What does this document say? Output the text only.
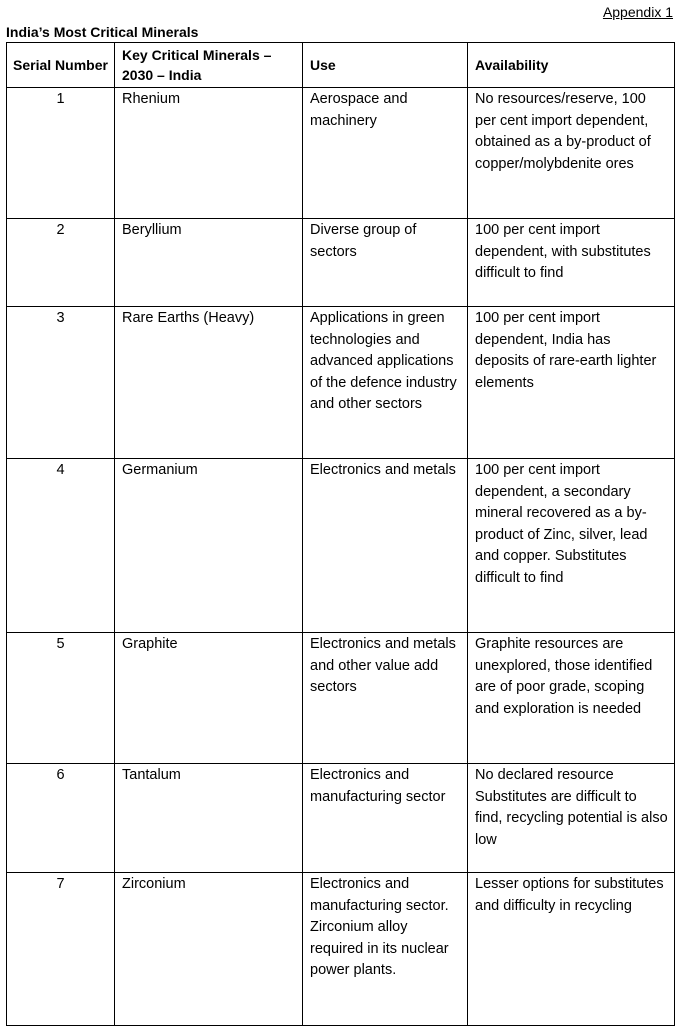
Appendix 1
India’s Most Critical Minerals
Serial Number	Key Critical Minerals – 2030 – India	Use	Availability
1	Rhenium	Aerospace and machinery	No resources/reserve, 100 per cent import dependent, obtained as a by-product of copper/molybdenite ores
2	Beryllium	Diverse group of sectors	100 per cent import dependent, with substitutes difficult to find
3	Rare Earths (Heavy)	Applications in green technologies and advanced applications of the defence industry and other sectors	100 per cent import dependent, India has deposits of rare-earth lighter elements
4	Germanium	Electronics and metals	100 per cent import dependent, a secondary mineral recovered as a by-product of Zinc, silver, lead and copper. Substitutes difficult to find
5	Graphite	Electronics and metals and other value add sectors	Graphite resources are unexplored, those identified are of poor grade, scoping and exploration is needed
6	Tantalum	Electronics and manufacturing sector	No declared resource Substitutes are difficult to find, recycling potential is also low
7	Zirconium	Electronics and manufacturing sector. Zirconium alloy required in its nuclear power plants.	Lesser options for substitutes and difficulty in recycling
